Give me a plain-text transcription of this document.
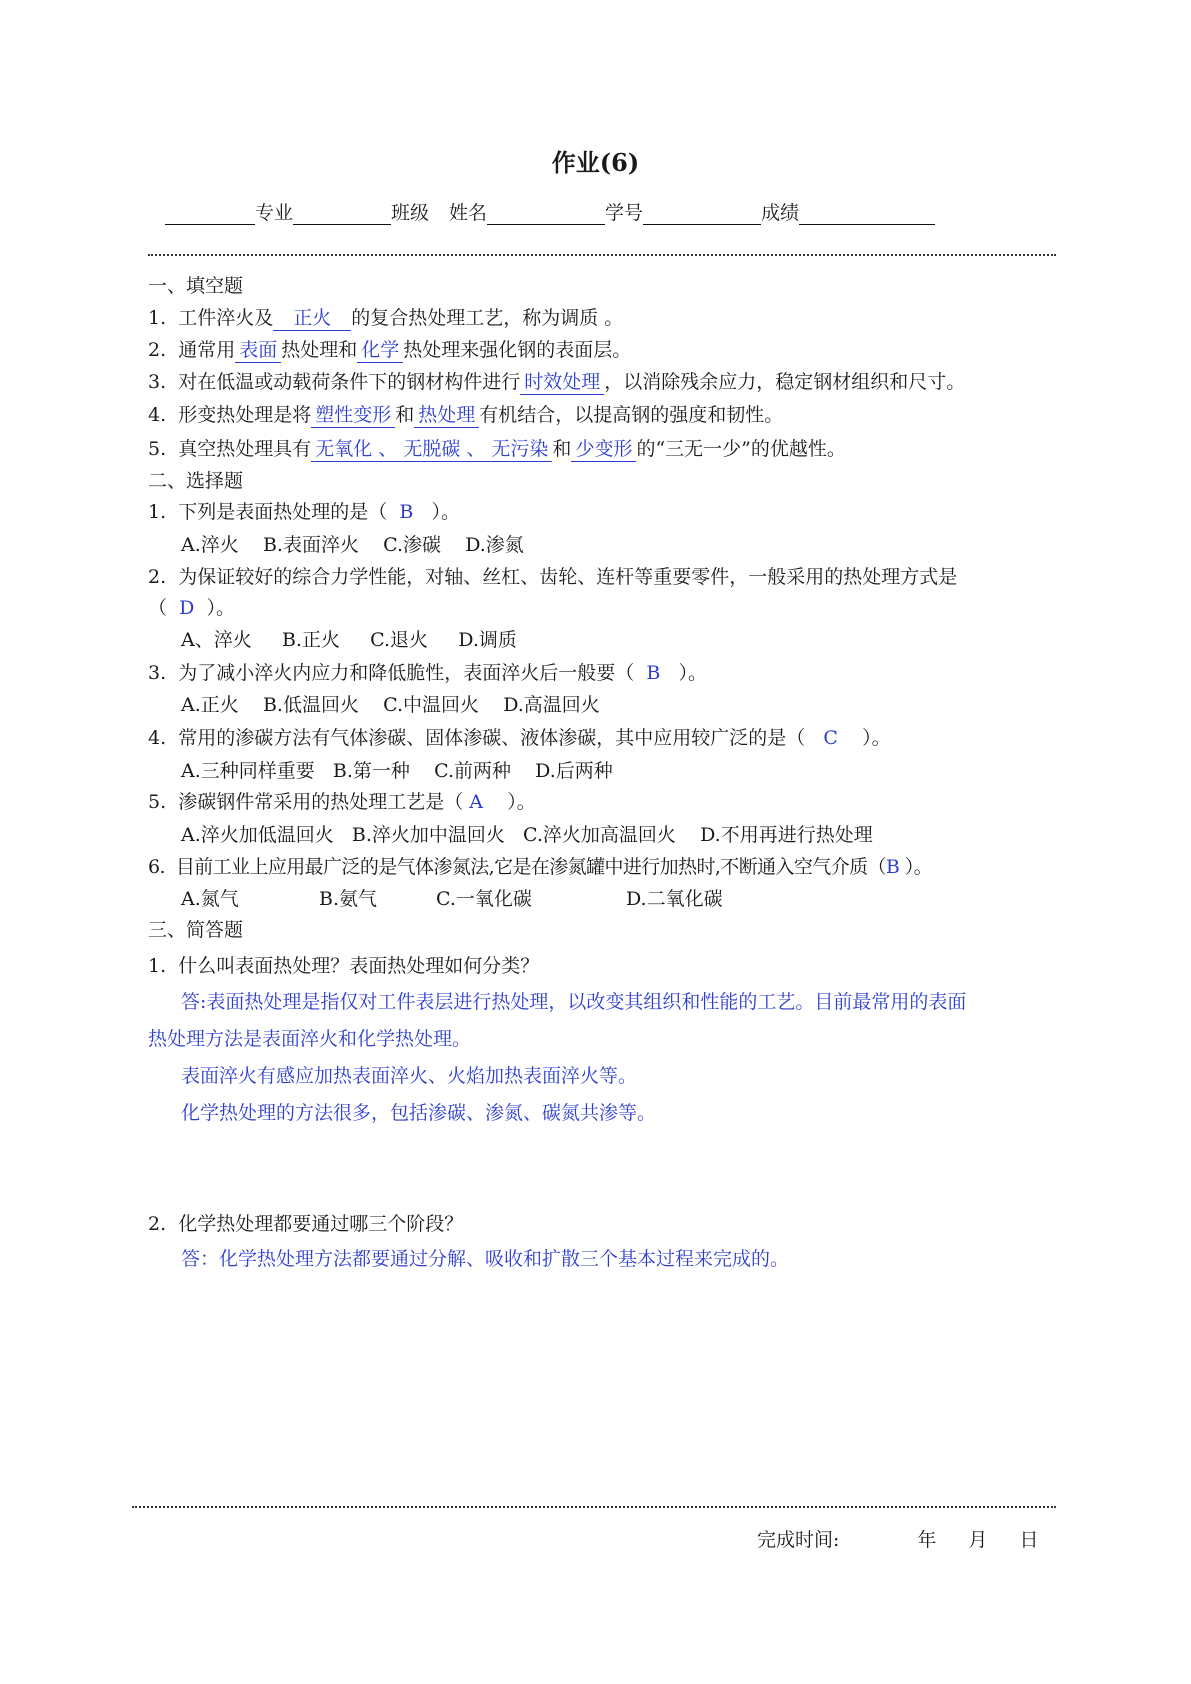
作业(6)
专业	班级 姓名	学号	成绩
一、填空题
1. 工件淬火及 正火 的复合热处理工艺，称为调质 。
2. 通常用 表面 热处理和 化学 热处理来强化钢的表面层。
3. 对在低温或动载荷条件下的钢材构件进行 时效处理 ，以消除残余应力，稳定钢材组织和尺寸。
4. 形变热处理是将 塑性变形 和 热处理 有机结合，以提高钢的强度和韧性。
5. 真空热处理具有 无氧化 、 无脱碳 、 无污染 和 少变形 的“三无一少”的优越性。
二、选择题
1. 下列是表面热处理的是（ B ）。
A.淬火 B.表面淬火 C.渗碳 D.渗氮
2. 为保证较好的综合力学性能，对轴、丝杠、齿轮、连杆等重要零件，一般采用的热处理方式是
（ D ）。
A、淬火 B.正火 C.退火 D.调质
3. 为了减小淬火内应力和降低脆性，表面淬火后一般要（ B ）。
A.正火 B.低温回火 C.中温回火 D.高温回火
4. 常用的渗碳方法有气体渗碳、固体渗碳、液体渗碳，其中应用较广泛的是（ C ）。
A.三种同样重要 B.第一种 C.前两种 D.后两种
5. 渗碳钢件常采用的热处理工艺是（ A ）。
A.淬火加低温回火 B.淬火加中温回火 C.淬火加高温回火 D.不用再进行热处理
6. 目前工业上应用最广泛的是气体渗氮法,它是在渗氮罐中进行加热时,不断通入空气介质（B ）。
A.氮气	B.氨气	C.一氧化碳	D.二氧化碳
三、简答题
1. 什么叫表面热处理？表面热处理如何分类？
答:表面热处理是指仅对工件表层进行热处理，以改变其组织和性能的工艺。目前最常用的表面
热处理方法是表面淬火和化学热处理。
表面淬火有感应加热表面淬火、火焰加热表面淬火等。
化学热处理的方法很多，包括渗碳、渗氮、碳氮共渗等。
2. 化学热处理都要通过哪三个阶段？
答：化学热处理方法都要通过分解、吸收和扩散三个基本过程来完成的。
完成时间:	年 月 日
